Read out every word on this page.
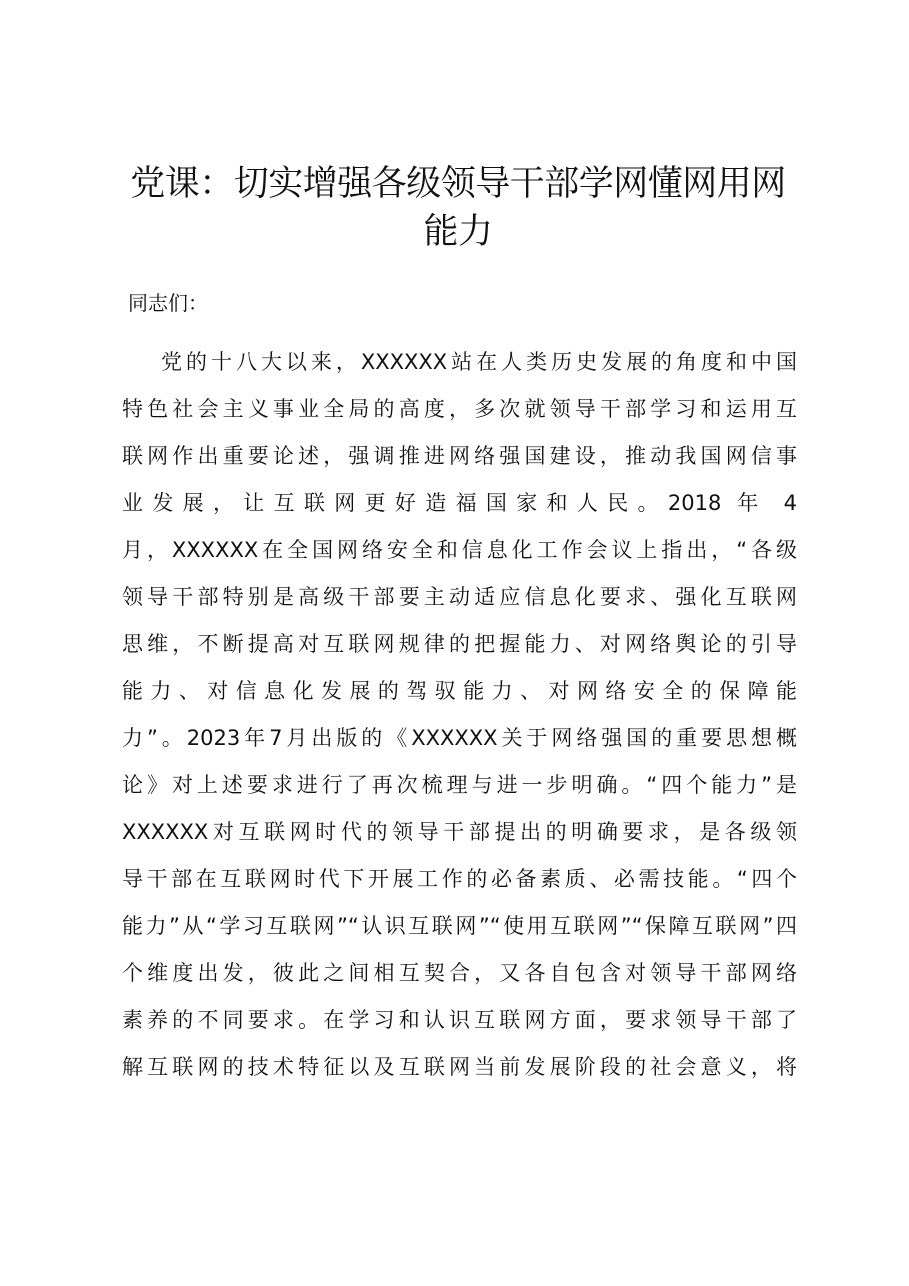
党课：切实增强各级领导干部学网懂网用网能力
同志们：
党的十八大以来，XXXXXX站在人类历史发展的角度和中国
特色社会主义事业全局的高度，多次就领导干部学习和运用互
联网作出重要论述，强调推进网络强国建设，推动我国网信事
业发展，让互联网更好造福国家和人民。2018 年 4
月，XXXXXX在全国网络安全和信息化工作会议上指出，“各级
领导干部特别是高级干部要主动适应信息化要求、强化互联网
思维，不断提高对互联网规律的把握能力、对网络舆论的引导
能力、对信息化发展的驾驭能力、对网络安全的保障能
力”。2023年7月出版的《XXXXXX关于网络强国的重要思想概
论》对上述要求进行了再次梳理与进一步明确。“四个能力”是
XXXXXX对互联网时代的领导干部提出的明确要求，是各级领
导干部在互联网时代下开展工作的必备素质、必需技能。“四个
能力”从“学习互联网”“认识互联网”“使用互联网”“保障互联网”四
个维度出发，彼此之间相互契合，又各自包含对领导干部网络
素养的不同要求。在学习和认识互联网方面，要求领导干部了
解互联网的技术特征以及互联网当前发展阶段的社会意义，将
